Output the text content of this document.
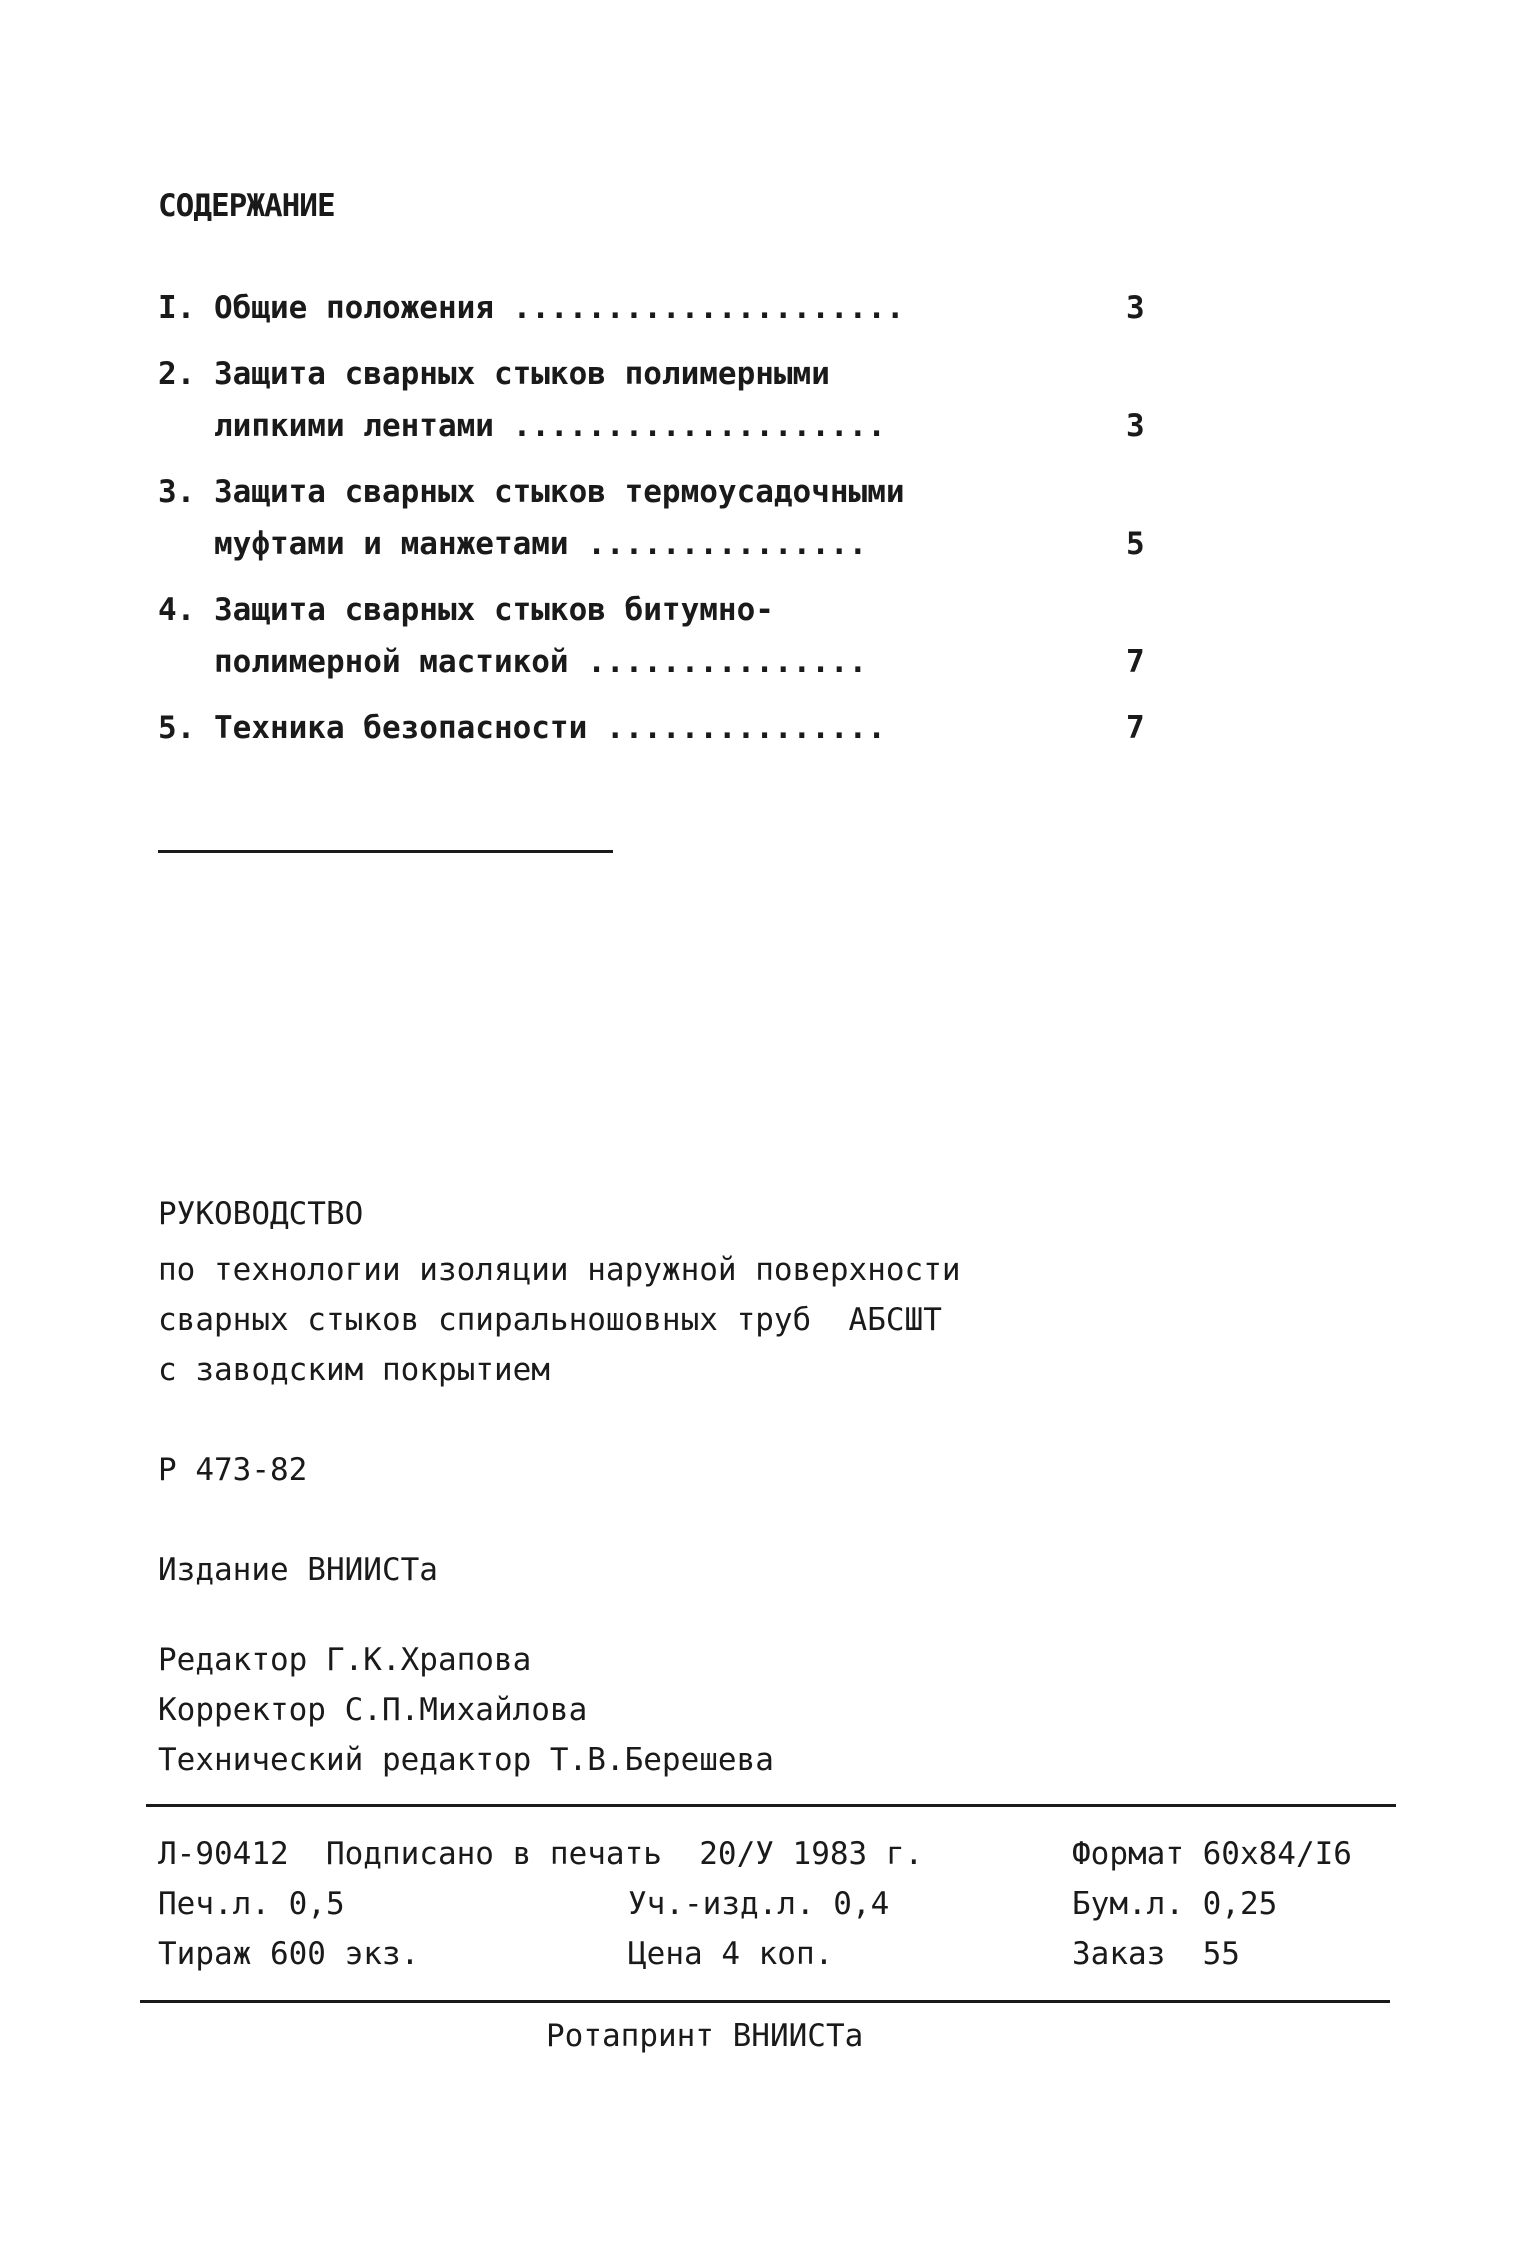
СОДЕРЖАНИЕ
I. Общие положения .....................	3
2. Защита сварных стыков полимерными
липкими лентами ....................	3
3. Защита сварных стыков термоусадочными
муфтами и манжетами ...............	5
4. Защита сварных стыков битумно-
полимерной мастикой ...............	7
5. Техника безопасности ...............	7
РУКОВОДСТВО
по технологии изоляции наружной поверхности
сварных стыков спиральношовных труб  АБСШТ
с заводским покрытием
Р 473-82
Издание ВНИИСТа
Редактор Г.К.Храпова
Корректор С.П.Михайлова
Технический редактор Т.В.Берешева
Л-90412  Подписано в печать  20/У 1983 г.	Формат 60х84/I6
Печ.л. 0,5	Уч.-изд.л. 0,4	Бум.л. 0,25
Тираж 600 экз.	Цена 4 коп.	Заказ  55
Ротапринт ВНИИСТа
